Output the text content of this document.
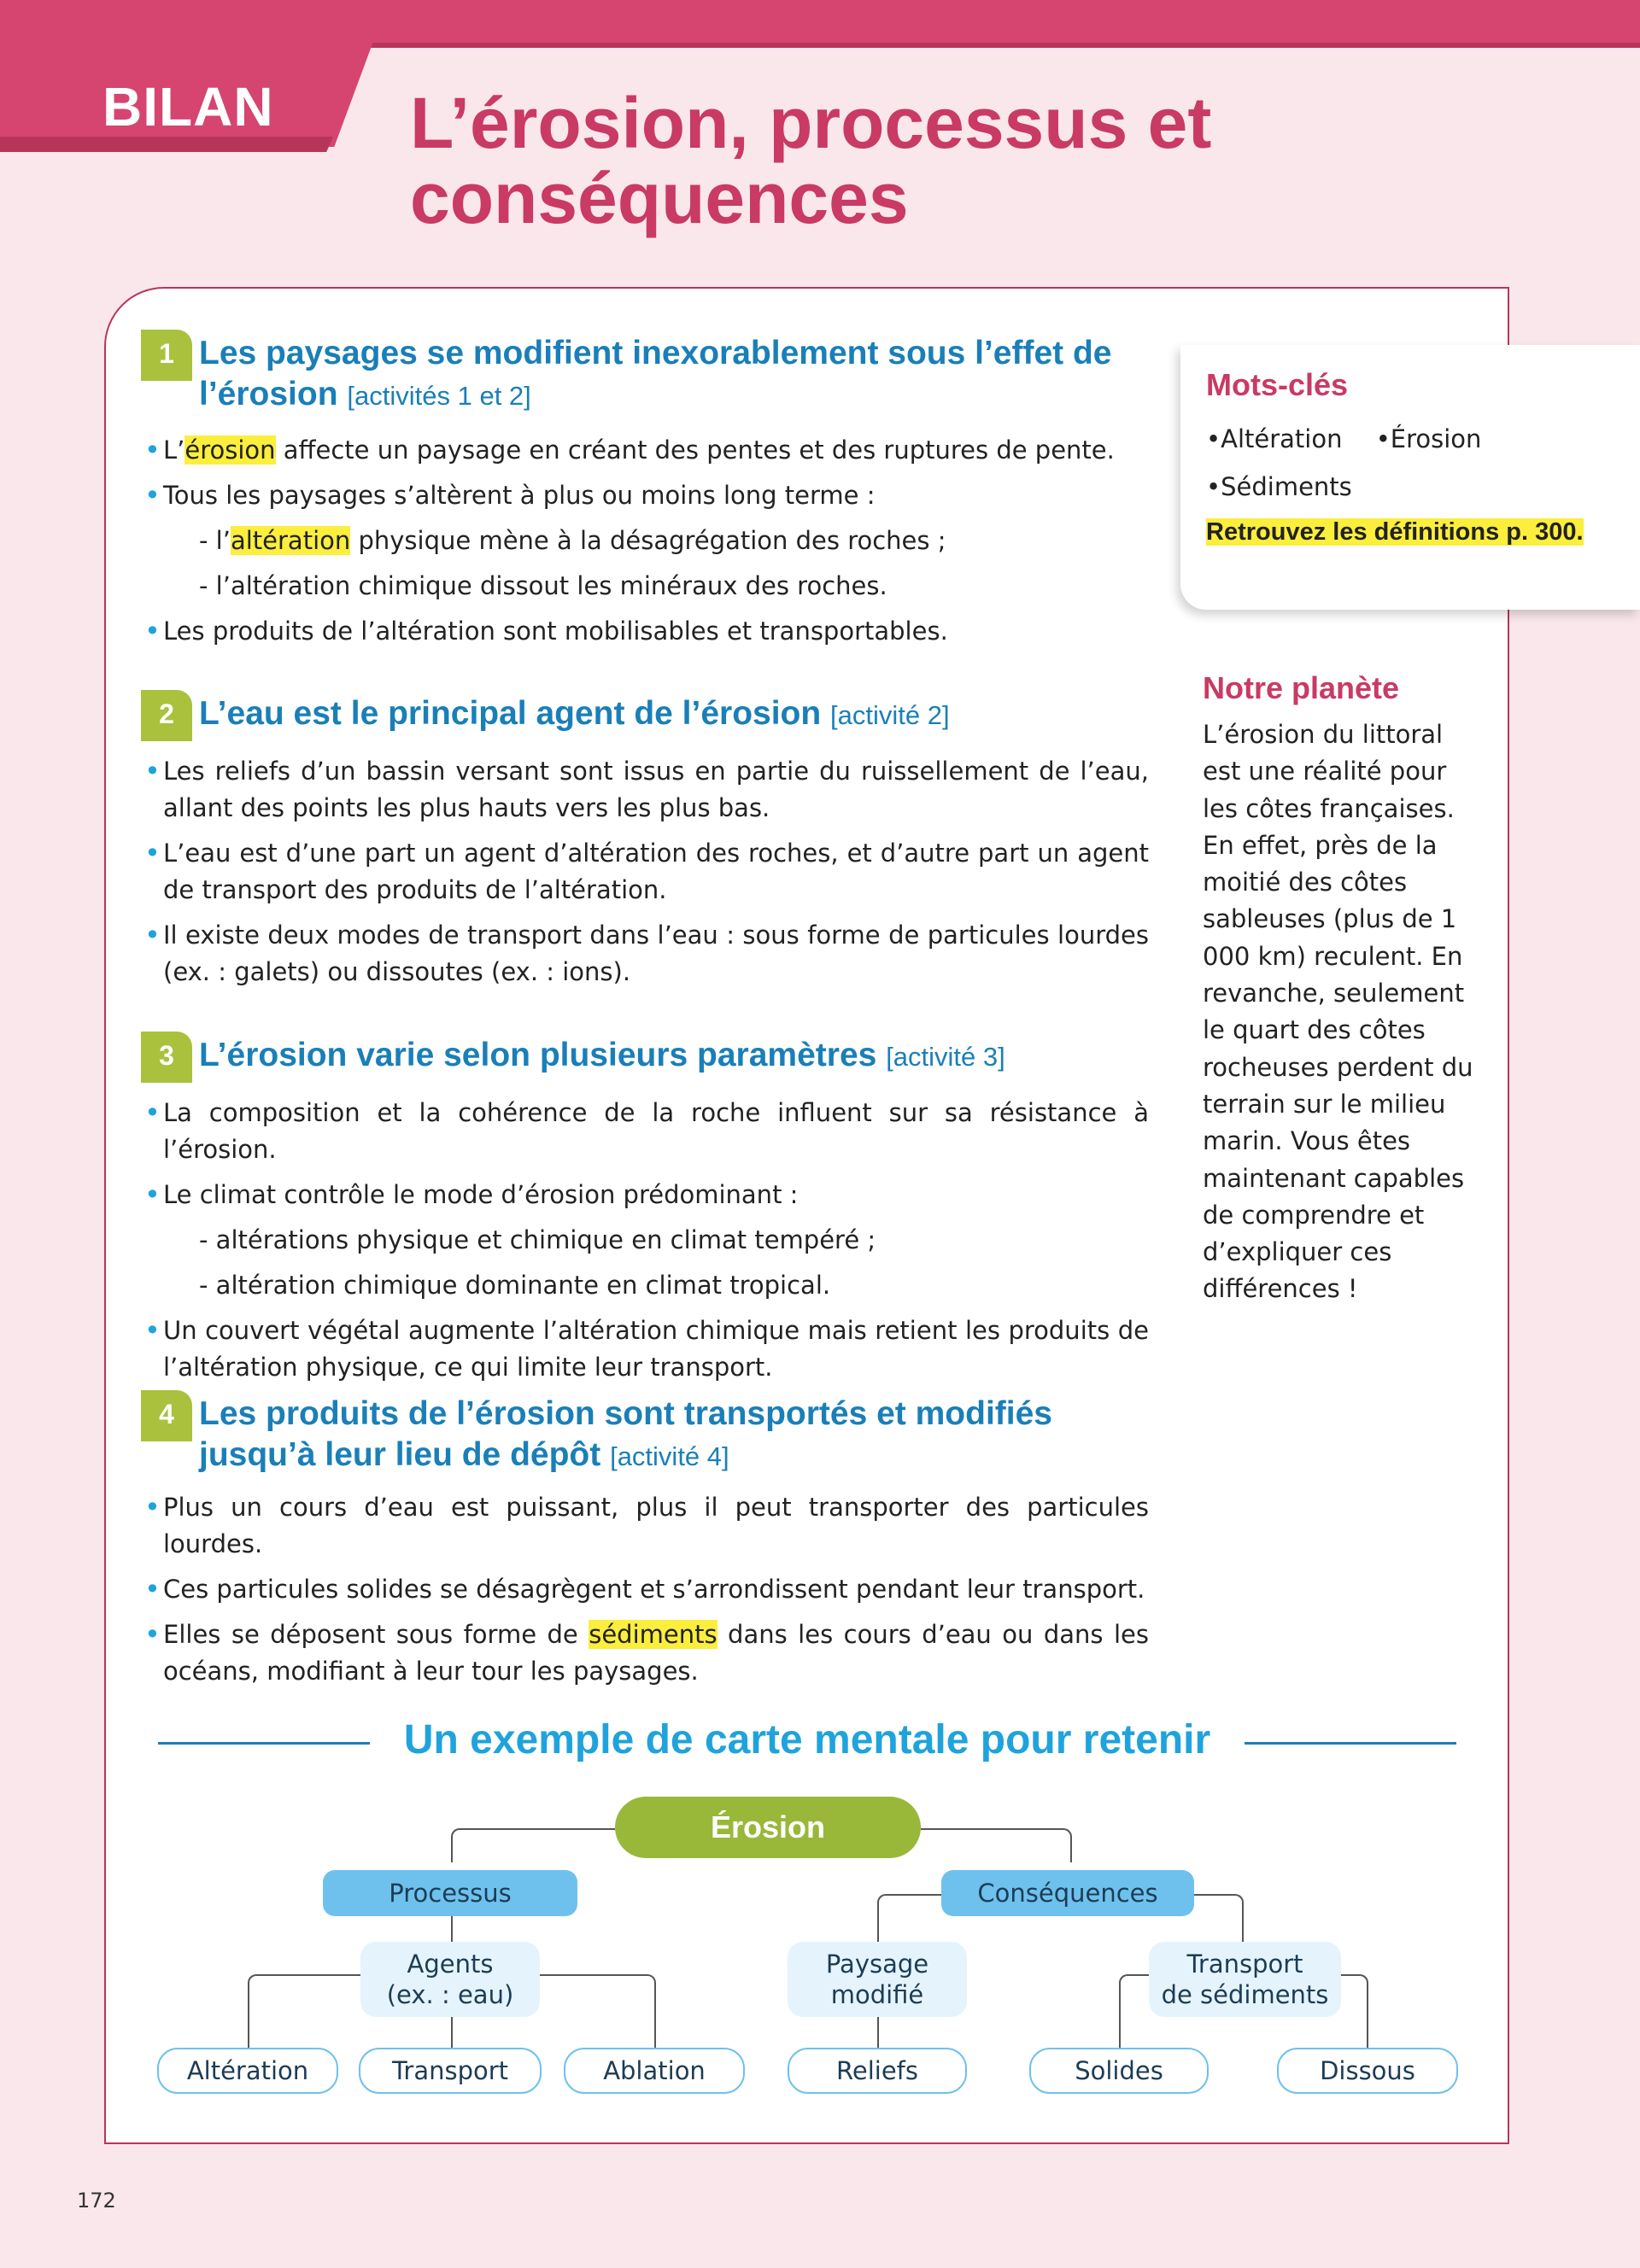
BILAN L’érosion, processus et conséquences
1 Les paysages se modifient inexorablement sous l’effet de l’érosion [activités 1 et 2]
• L’érosion affecte un paysage en créant des pentes et des ruptures de pente.
• Tous les paysages s’altèrent à plus ou moins long terme :
- l’altération physique mène à la désagrégation des roches ;
- l’altération chimique dissout les minéraux des roches.
• Les produits de l’altération sont mobilisables et transportables.
2 L’eau est le principal agent de l’érosion [activité 2]
• Les reliefs d’un bassin versant sont issus en partie du ruissellement de l’eau, allant des points les plus hauts vers les plus bas.
• L’eau est d’une part un agent d’altération des roches, et d’autre part un agent de transport des produits de l’altération.
• Il existe deux modes de transport dans l’eau : sous forme de particules lourdes (ex. : galets) ou dissoutes (ex. : ions).
3 L’érosion varie selon plusieurs paramètres [activité 3]
• La composition et la cohérence de la roche influent sur sa résistance à l’érosion.
• Le climat contrôle le mode d’érosion prédominant :
- altérations physique et chimique en climat tempéré ;
- altération chimique dominante en climat tropical.
• Un couvert végétal augmente l’altération chimique mais retient les produits de l’altération physique, ce qui limite leur transport.
4 Les produits de l’érosion sont transportés et modifiés jusqu’à leur lieu de dépôt [activité 4]
• Plus un cours d’eau est puissant, plus il peut transporter des particules lourdes.
• Ces particules solides se désagrègent et s’arrondissent pendant leur transport.
• Elles se déposent sous forme de sédiments dans les cours d’eau ou dans les océans, modifiant à leur tour les paysages.
Mots-clés
•Altération •Érosion
•Sédiments
Retrouvez les définitions p. 300.
Notre planète
L’érosion du littoral est une réalité pour les côtes françaises. En effet, près de la moitié des côtes sableuses (plus de 1 000 km) reculent. En revanche, seulement le quart des côtes rocheuses perdent du terrain sur le milieu marin. Vous êtes maintenant capables de comprendre et d’expliquer ces différences !
Un exemple de carte mentale pour retenir
Érosion
Processus	Conséquences
Agents
(ex. : eau)
Paysage
modifié
Transport
de sédiments
Altération	Transport	Ablation	Reliefs	Solides	Dissous
172
